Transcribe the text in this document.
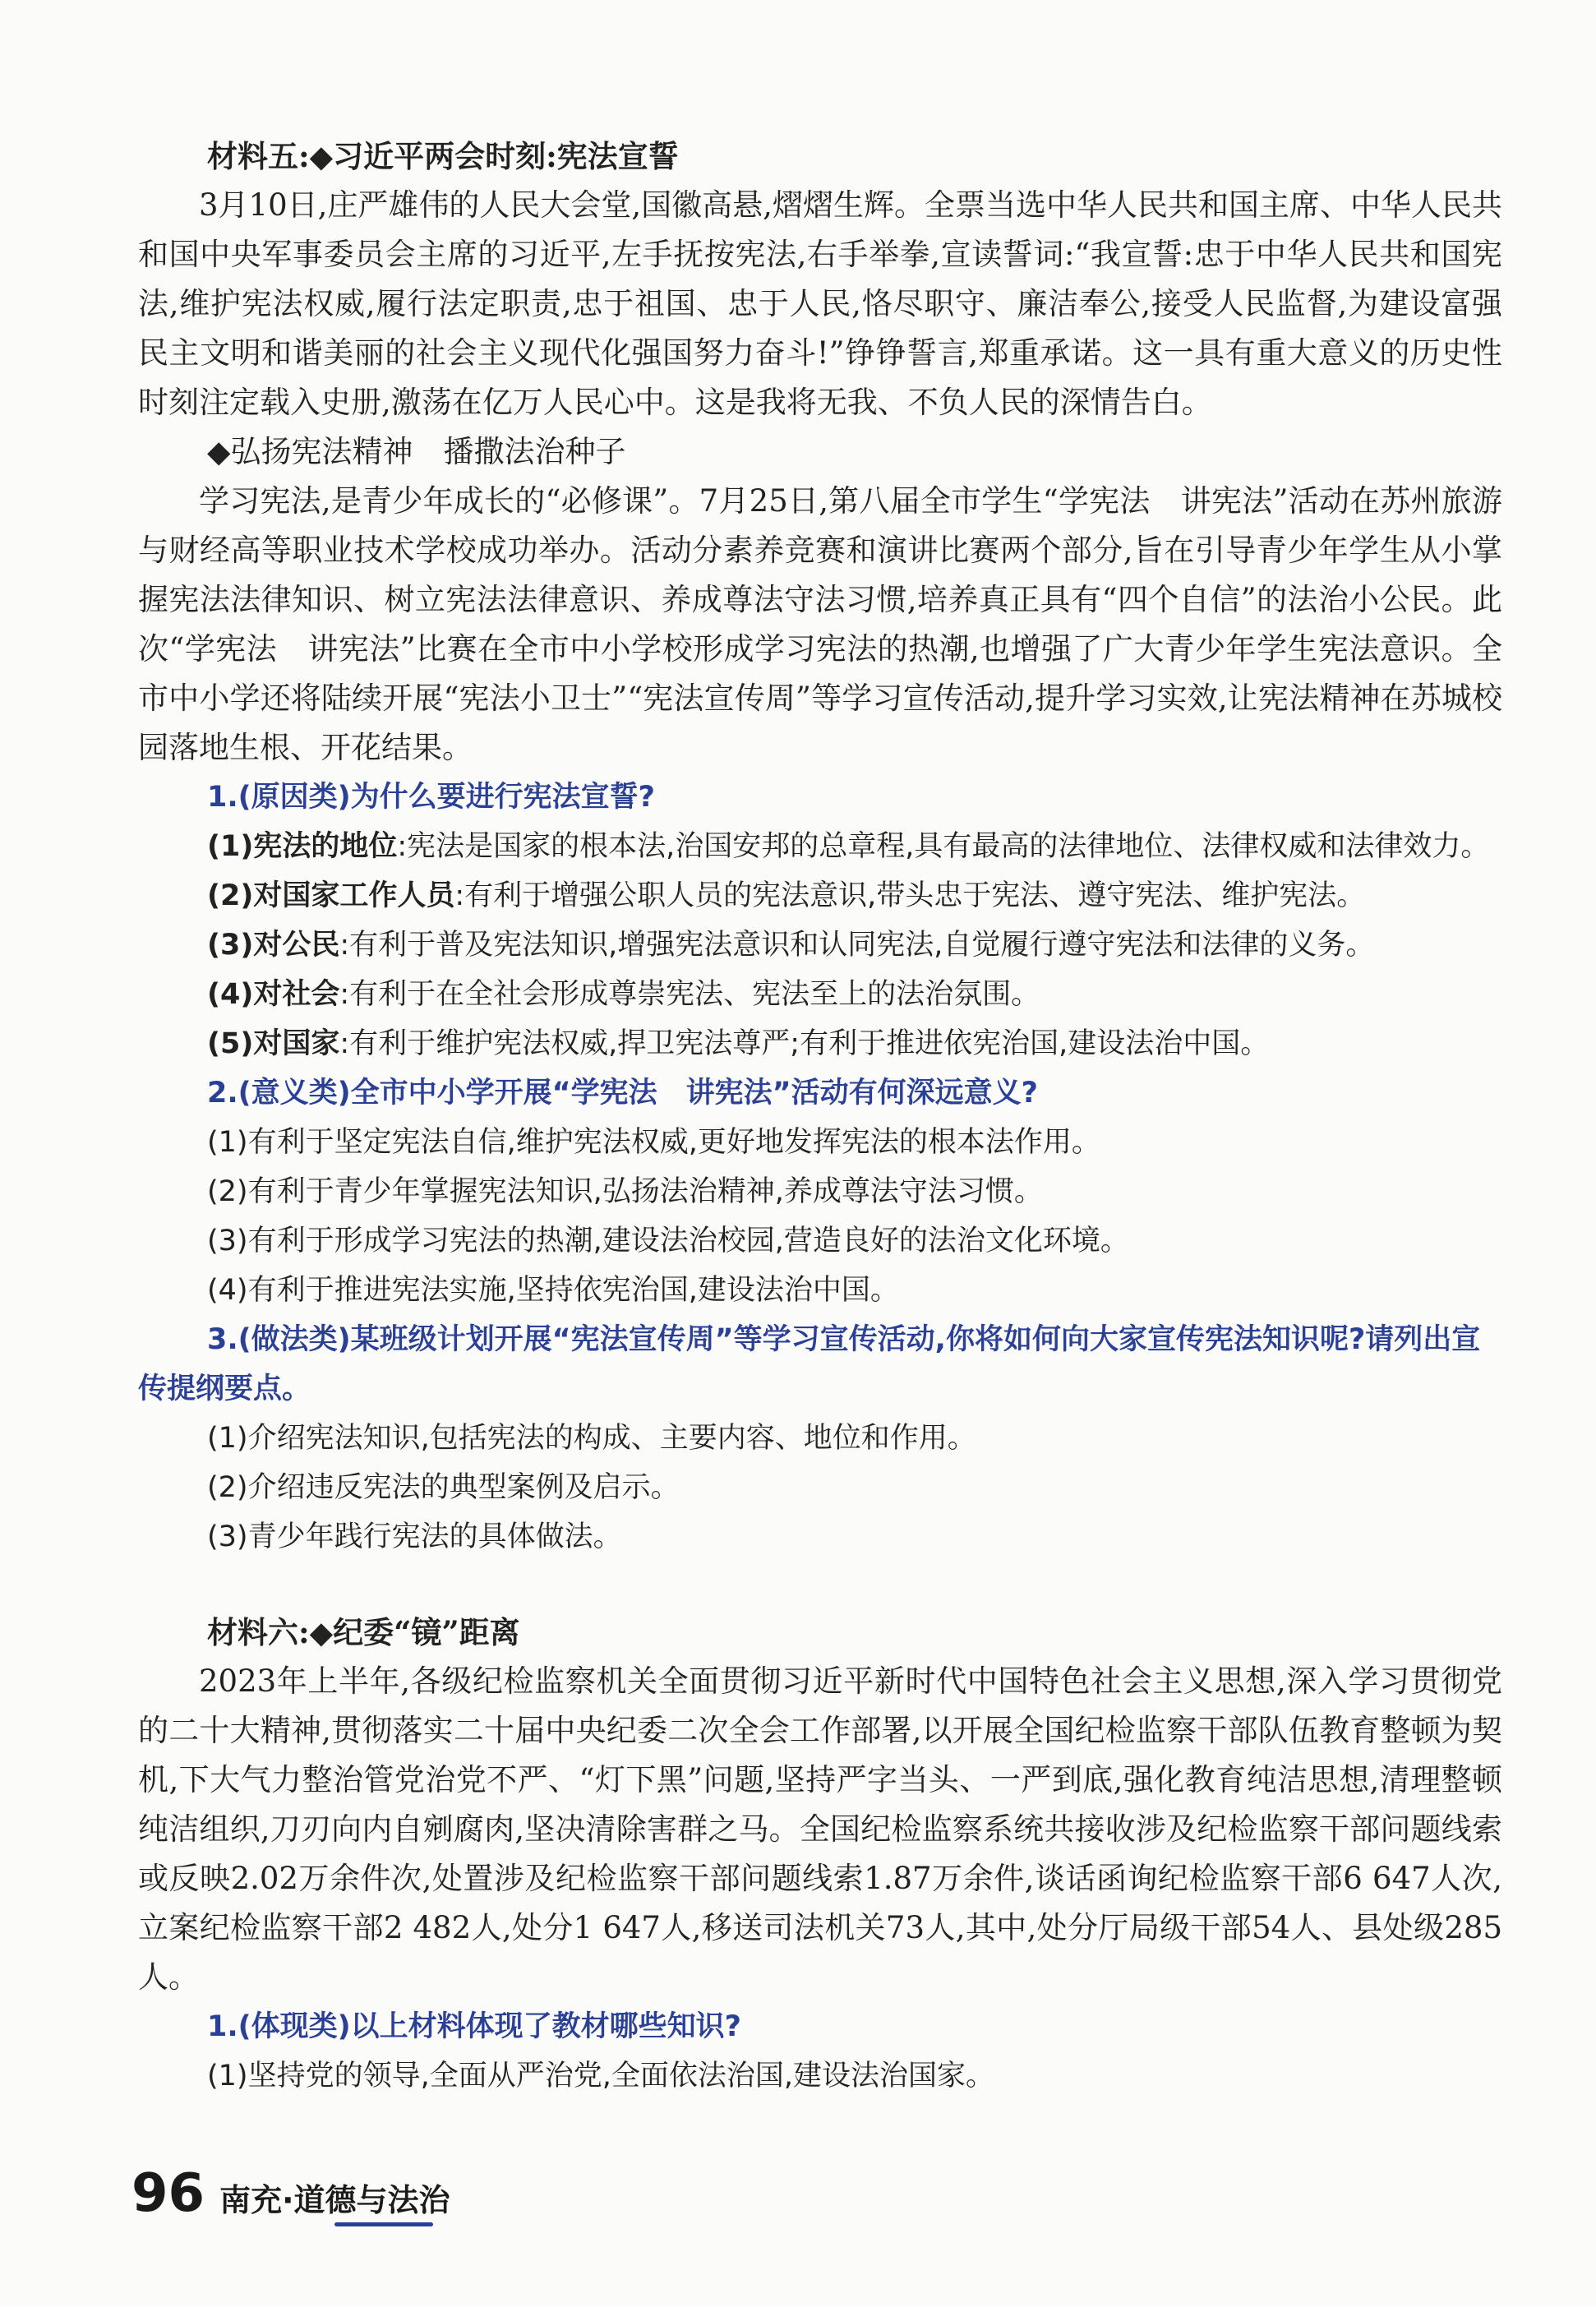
材料五:◆习近平两会时刻:宪法宣誓

3月10日,庄严雄伟的人民大会堂,国徽高悬,熠熠生辉。全票当选中华人民共和国主席、中华人民共和国中央军事委员会主席的习近平,左手抚按宪法,右手举拳,宣读誓词:“我宣誓:忠于中华人民共和国宪法,维护宪法权威,履行法定职责,忠于祖国、忠于人民,恪尽职守、廉洁奉公,接受人民监督,为建设富强民主文明和谐美丽的社会主义现代化强国努力奋斗!”铮铮誓言,郑重承诺。这一具有重大意义的历史性时刻注定载入史册,激荡在亿万人民心中。这是我将无我、不负人民的深情告白。

◆弘扬宪法精神　播撒法治种子

学习宪法,是青少年成长的“必修课”。7月25日,第八届全市学生“学宪法　讲宪法”活动在苏州旅游与财经高等职业技术学校成功举办。活动分素养竞赛和演讲比赛两个部分,旨在引导青少年学生从小掌握宪法法律知识、树立宪法法律意识、养成尊法守法习惯,培养真正具有“四个自信”的法治小公民。此次“学宪法　讲宪法”比赛在全市中小学校形成学习宪法的热潮,也增强了广大青少年学生宪法意识。全市中小学还将陆续开展“宪法小卫士”“宪法宣传周”等学习宣传活动,提升学习实效,让宪法精神在苏城校园落地生根、开花结果。

1.(原因类)为什么要进行宪法宣誓?

(1)宪法的地位:宪法是国家的根本法,治国安邦的总章程,具有最高的法律地位、法律权威和法律效力。

(2)对国家工作人员:有利于增强公职人员的宪法意识,带头忠于宪法、遵守宪法、维护宪法。

(3)对公民:有利于普及宪法知识,增强宪法意识和认同宪法,自觉履行遵守宪法和法律的义务。

(4)对社会:有利于在全社会形成尊崇宪法、宪法至上的法治氛围。

(5)对国家:有利于维护宪法权威,捍卫宪法尊严;有利于推进依宪治国,建设法治中国。

2.(意义类)全市中小学开展“学宪法　讲宪法”活动有何深远意义?

(1)有利于坚定宪法自信,维护宪法权威,更好地发挥宪法的根本法作用。

(2)有利于青少年掌握宪法知识,弘扬法治精神,养成尊法守法习惯。

(3)有利于形成学习宪法的热潮,建设法治校园,营造良好的法治文化环境。

(4)有利于推进宪法实施,坚持依宪治国,建设法治中国。

3.(做法类)某班级计划开展“宪法宣传周”等学习宣传活动,你将如何向大家宣传宪法知识呢?请列出宣传提纲要点。

(1)介绍宪法知识,包括宪法的构成、主要内容、地位和作用。

(2)介绍违反宪法的典型案例及启示。

(3)青少年践行宪法的具体做法。

材料六:◆纪委“镜”距离

2023年上半年,各级纪检监察机关全面贯彻习近平新时代中国特色社会主义思想,深入学习贯彻党的二十大精神,贯彻落实二十届中央纪委二次全会工作部署,以开展全国纪检监察干部队伍教育整顿为契机,下大气力整治管党治党不严、“灯下黑”问题,坚持严字当头、一严到底,强化教育纯洁思想,清理整顿纯洁组织,刀刃向内自剜腐肉,坚决清除害群之马。全国纪检监察系统共接收涉及纪检监察干部问题线索或反映2.02万余件次,处置涉及纪检监察干部问题线索1.87万余件,谈话函询纪检监察干部6 647人次,立案纪检监察干部2 482人,处分1 647人,移送司法机关73人,其中,处分厅局级干部54人、县处级285人。

1.(体现类)以上材料体现了教材哪些知识?

(1)坚持党的领导,全面从严治党,全面依法治国,建设法治国家。

96 南充·道德与法治
